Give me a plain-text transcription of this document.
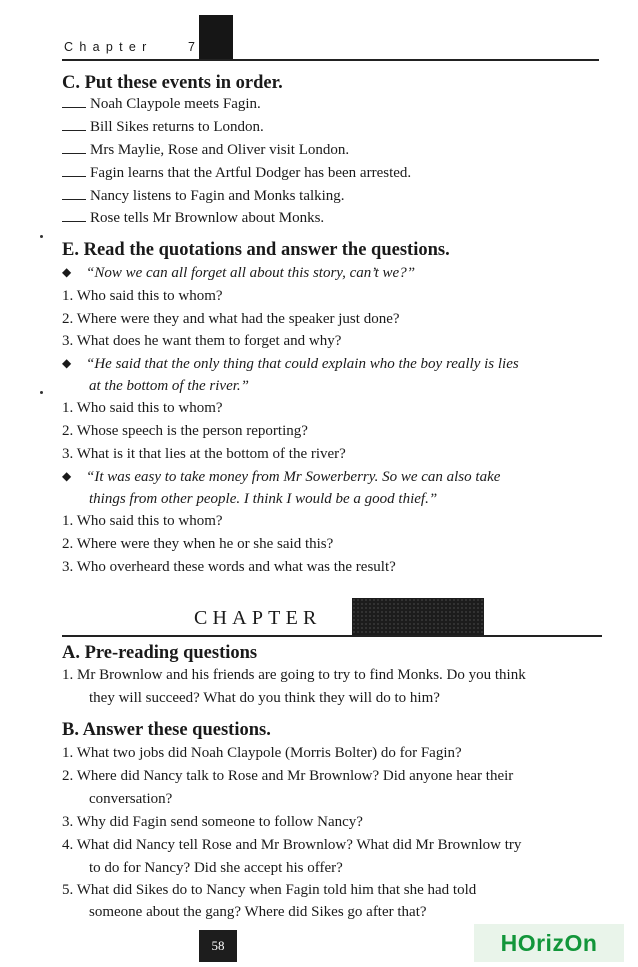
Chapter	7
C. Put these events in order.
Noah Claypole meets Fagin.
Bill Sikes returns to London.
Mrs Maylie, Rose and Oliver visit London.
Fagin learns that the Artful Dodger has been arrested.
Nancy listens to Fagin and Monks talking.
Rose tells Mr Brownlow about Monks.
E. Read the quotations and answer the questions.
◆ “Now we can all forget all about this story, can’t we?”
1. Who said this to whom?
2. Where were they and what had the speaker just done?
3. What does he want them to forget and why?
◆ “He said that the only thing that could explain who the boy really is lies
at the bottom of the river.”
1. Who said this to whom?
2. Whose speech is the person reporting?
3. What is it that lies at the bottom of the river?
◆ “It was easy to take money from Mr Sowerberry. So we can also take
things from other people. I think I would be a good thief.”
1. Who said this to whom?
2. Where were they when he or she said this?
3. Who overheard these words and what was the result?
CHAPTER
A. Pre-reading questions
1. Mr Brownlow and his friends are going to try to find Monks. Do you think
they will succeed? What do you think they will do to him?
B. Answer these questions.
1. What two jobs did Noah Claypole (Morris Bolter) do for Fagin?
2. Where did Nancy talk to Rose and Mr Brownlow? Did anyone hear their
conversation?
3. Why did Fagin send someone to follow Nancy?
4. What did Nancy tell Rose and Mr Brownlow? What did Mr Brownlow try
to do for Nancy? Did she accept his offer?
5. What did Sikes do to Nancy when Fagin told him that she had told
someone about the gang? Where did Sikes go after that?
58	HOrizOn
